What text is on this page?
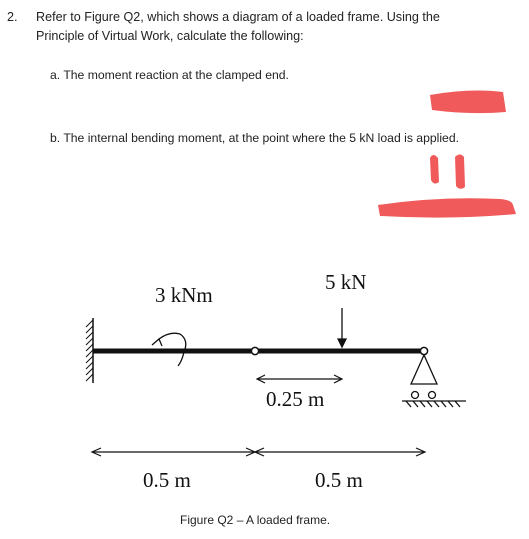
2. Refer to Figure Q2, which shows a diagram of a loaded frame. Using the
Principle of Virtual Work, calculate the following:
a. The moment reaction at the clamped end.
b. The internal bending moment, at the point where the 5 kN load is applied.
3 kNm
5 kN
0.25 m
0.5 m	0.5 m
Figure Q2 – A loaded frame.
